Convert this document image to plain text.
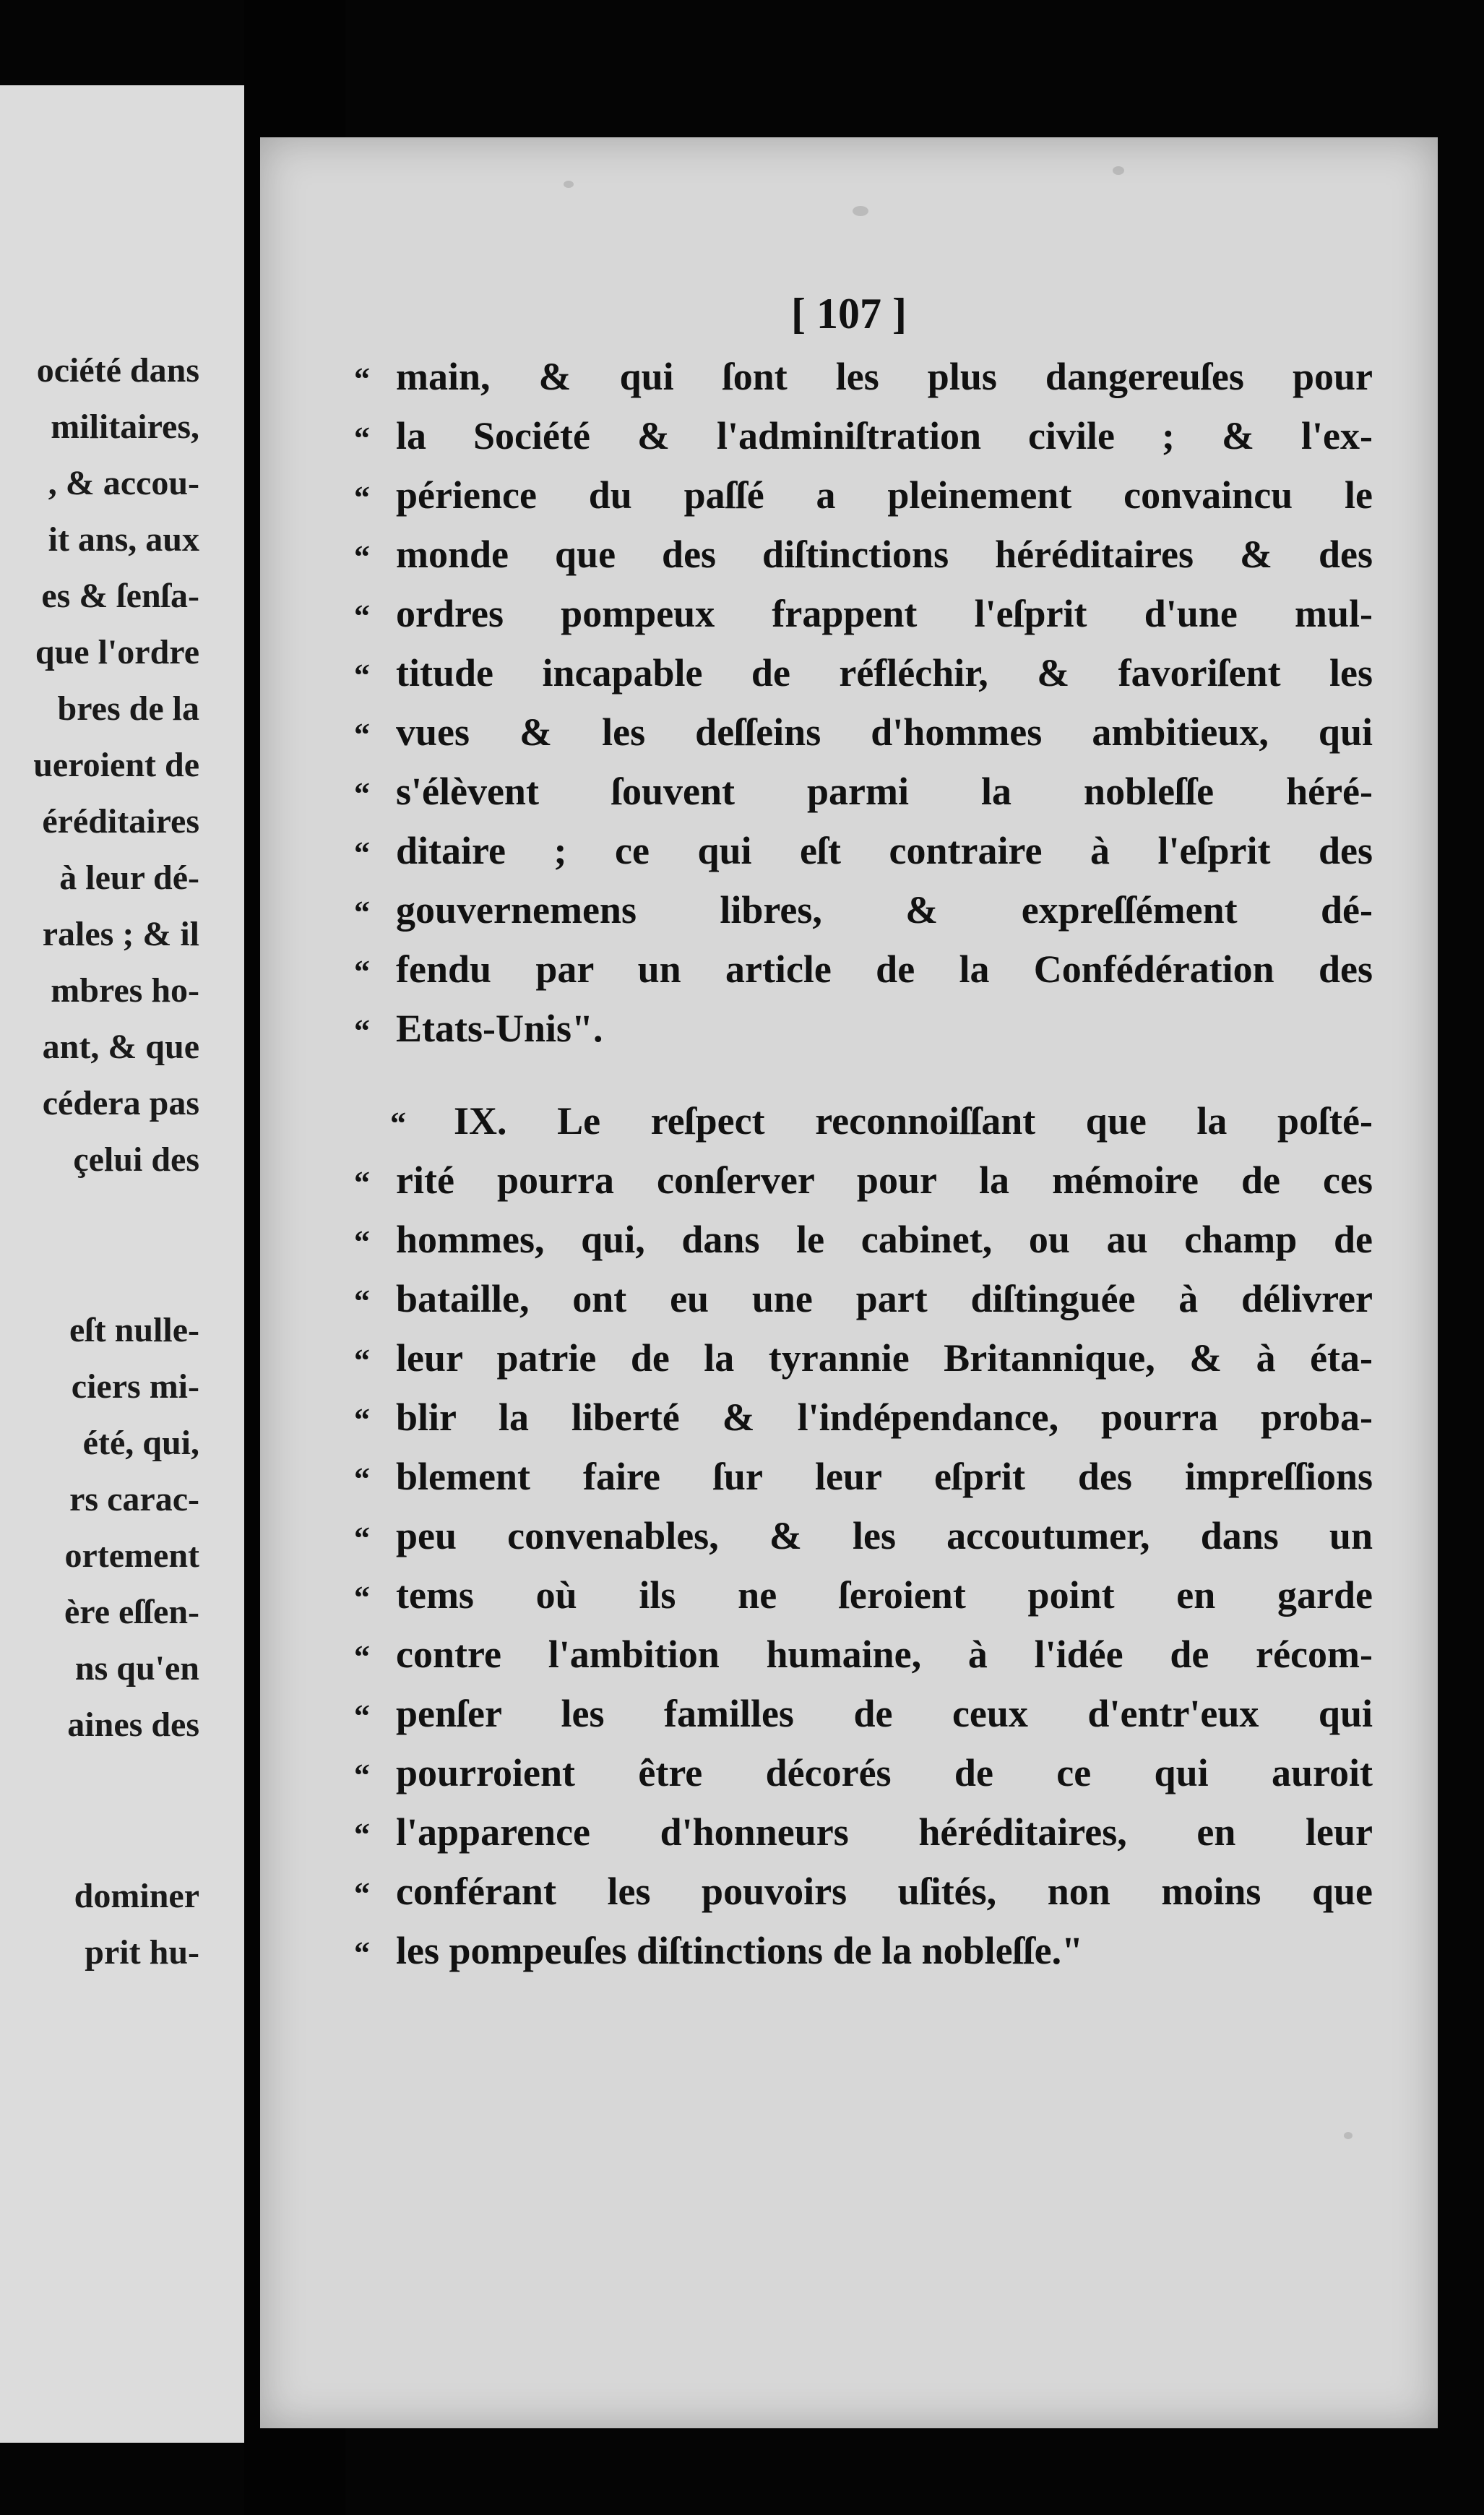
ociété dans
militaires,
, & accou-
it ans, aux
es & ſenſa-
que l'ordre
bres de la
ueroient de
éréditaires
à leur dé-
rales ; & il
mbres ho-
ant, & que
cédera pas
çelui des
eſt nulle-
ciers mi-
été, qui,
rs carac-
ortement
ère eſſen-
ns qu'en
aines des
dominer
prit hu-
[ 107 ]
“ main, & qui ſont les plus dangereuſes pour
“ la Société & l'adminiſtration civile ; & l'ex-
“ périence du paſſé a pleinement convaincu le
“ monde que des diſtinctions héréditaires & des
“ ordres pompeux frappent l'eſprit d'une mul-
“ titude incapable de réfléchir, & favoriſent les
“ vues & les deſſeins d'hommes ambitieux, qui
“ s'élèvent ſouvent parmi la nobleſſe héré-
“ ditaire ; ce qui eſt contraire à l'eſprit des
“ gouvernemens libres, & expreſſément dé-
“ fendu par un article de la Confédération des
“ Etats-Unis".
“	IX. Le reſpect reconnoiſſant que la poſté-
“ rité pourra conſerver pour la mémoire de ces
“ hommes, qui, dans le cabinet, ou au champ de
“ bataille, ont eu une part diſtinguée à délivrer
“ leur patrie de la tyrannie Britannique, & à éta-
“ blir la liberté & l'indépendance, pourra proba-
“ blement faire ſur leur eſprit des impreſſions
“ peu convenables, & les accoutumer, dans un
“ tems où ils ne ſeroient point en garde
“ contre l'ambition humaine, à l'idée de récom-
“ penſer les familles de ceux d'entr'eux qui
“ pourroient être décorés de ce qui auroit
“ l'apparence d'honneurs héréditaires, en leur
“ conférant les pouvoirs uſités, non moins que
“ les pompeuſes diſtinctions de la nobleſſe."
